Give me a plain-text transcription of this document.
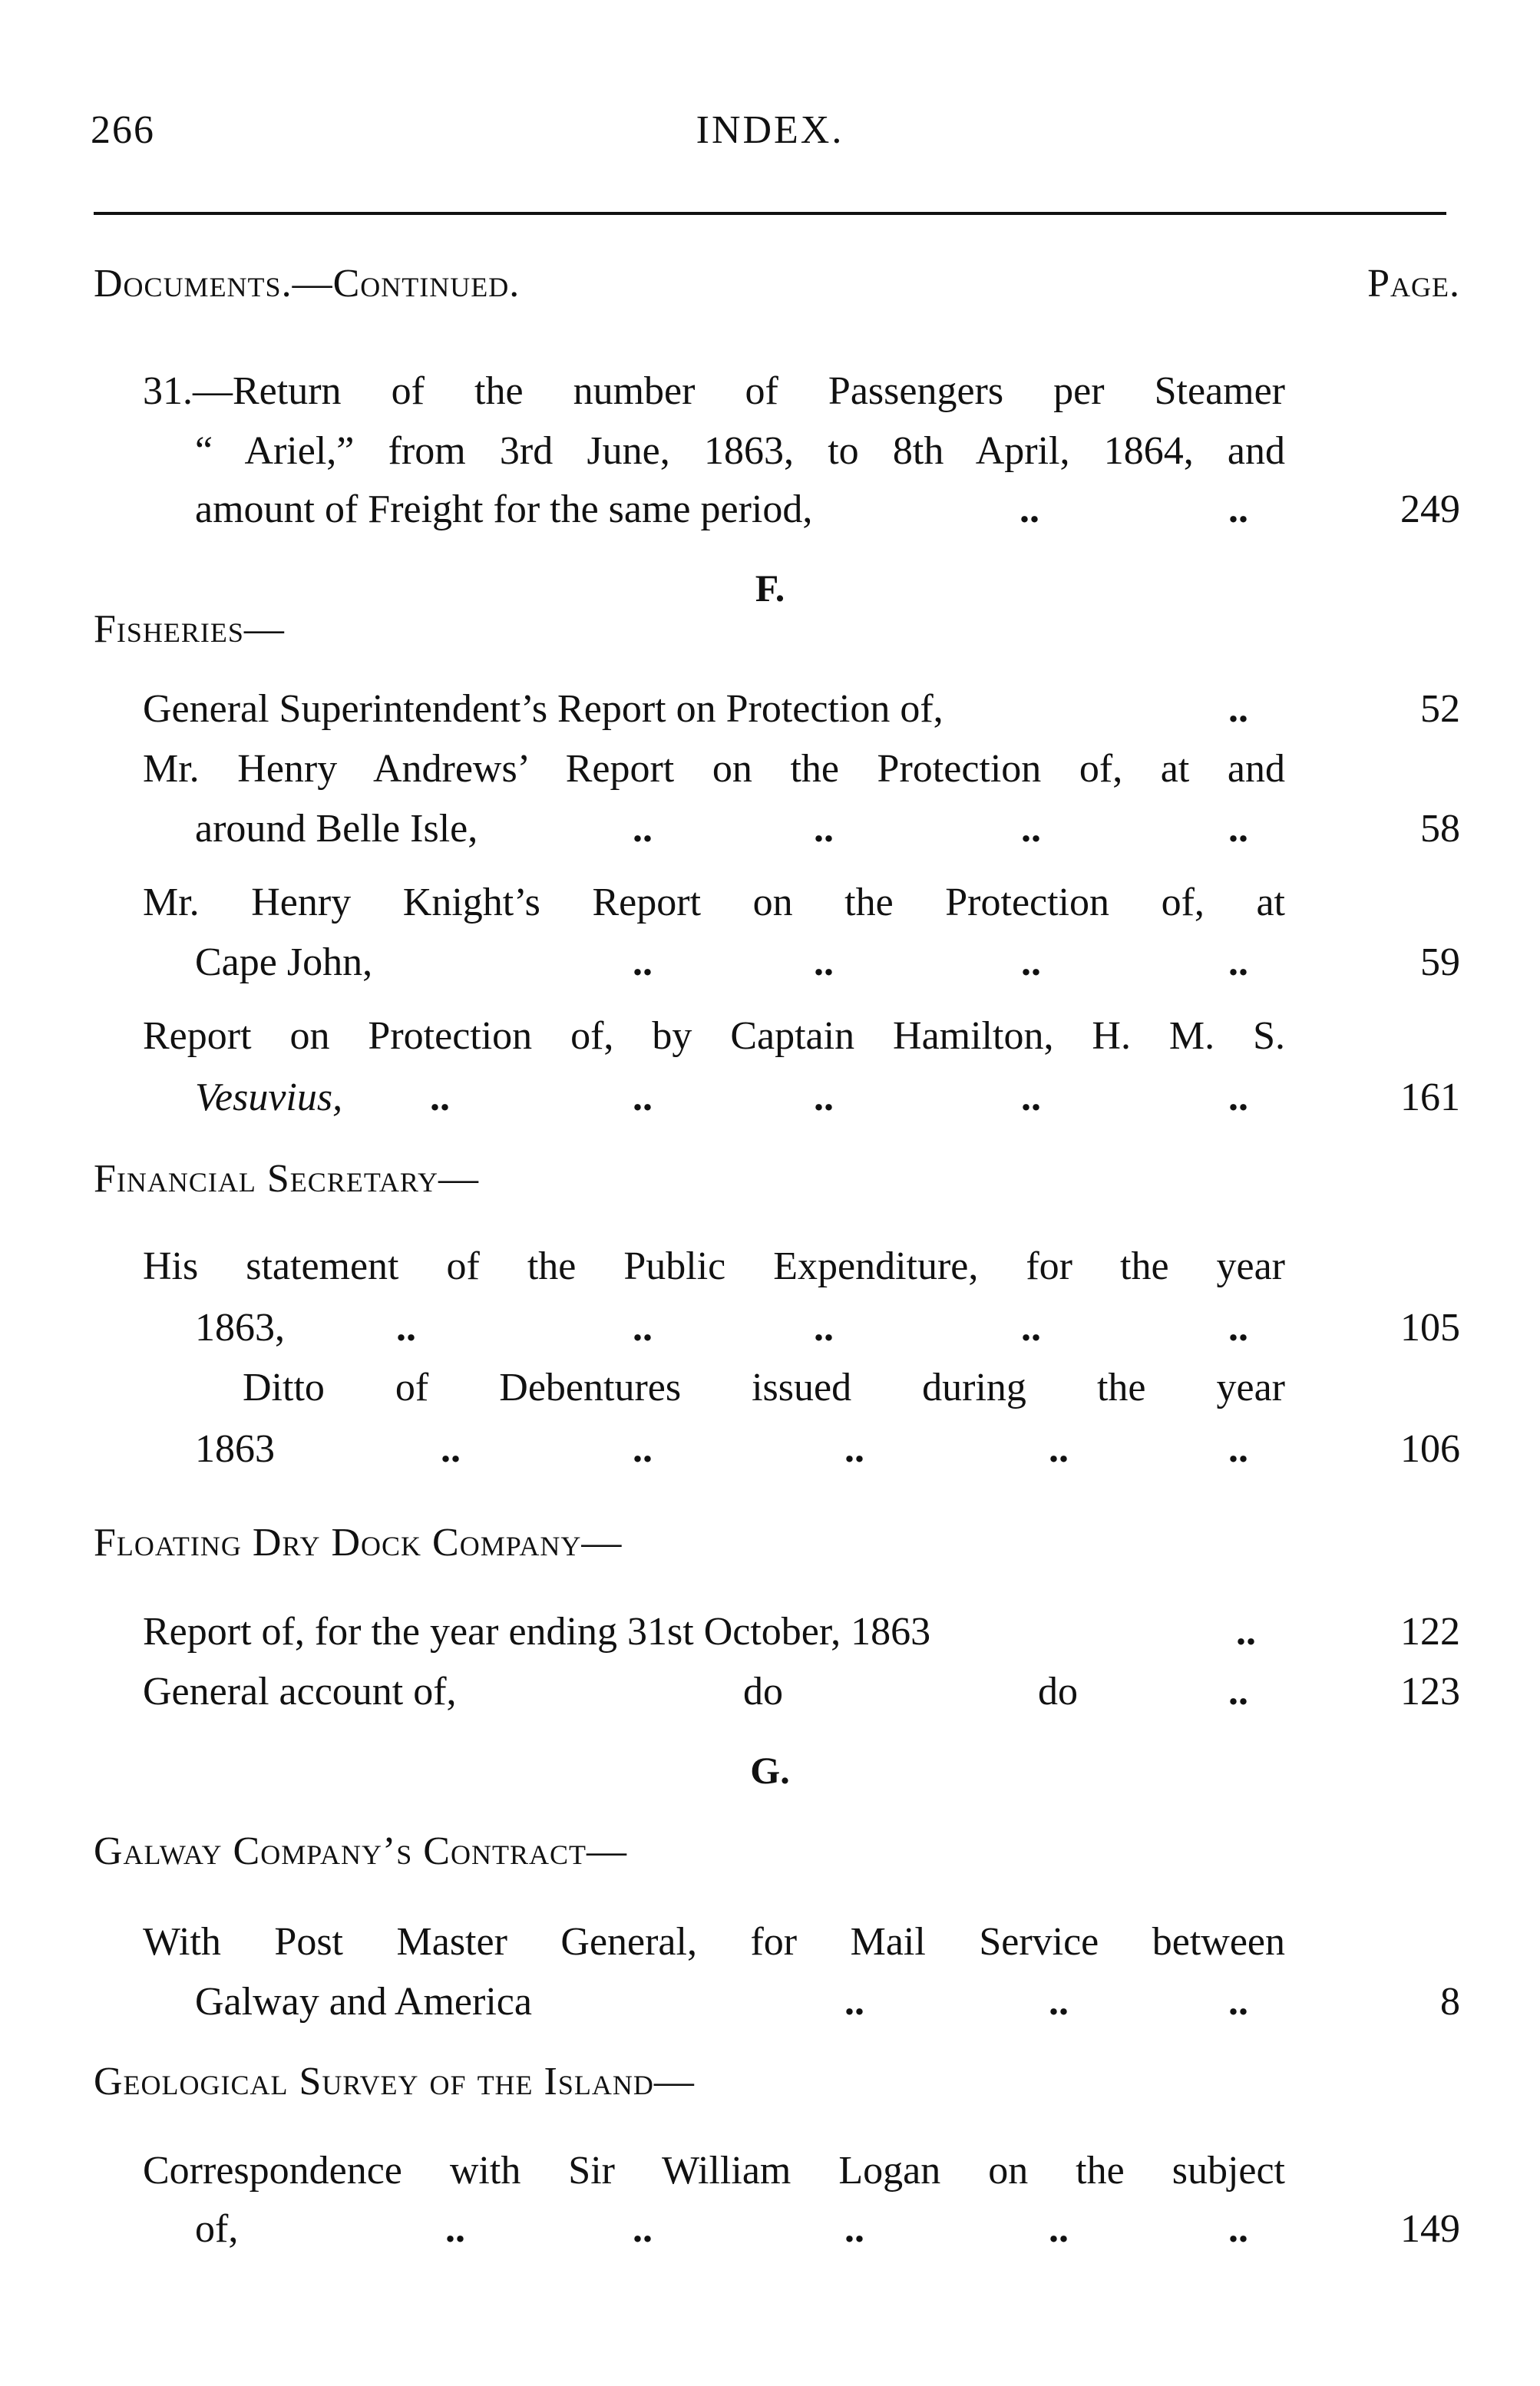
266	INDEX.
Documents.—Continued.	Page.
31.—Return of the number of Passengers per Steamer
“ Ariel,” from 3rd June, 1863, to 8th April, 1864, and
amount of Freight for the same period,	..	..	249
F.
Fisheries—
General Superintendent’s Report on Protection of,	..	52
Mr. Henry Andrews’ Report on the Protection of, at and
around Belle Isle,	..	..	..	..	58
Mr. Henry Knight’s Report on the Protection of, at
Cape John,	..	..	..	..	59
Report on Protection of, by Captain Hamilton, H. M. S.
Vesuvius, ..	..	..	..	..	161
Financial Secretary—
His statement of the Public Expenditure, for the year
1863,	..	..	..	..	..	105
Ditto of Debentures issued during the year
1863	..	..	..	..	..	106
Floating Dry Dock Company—
Report of, for the year ending 31st October, 1863	..	122
General account of,	do	do	..	123
G.
Galway Company’s Contract—
With Post Master General, for Mail Service between
Galway and America	..	..	..	8
Geological Survey of the Island—
Correspondence with Sir William Logan on the subject
of,	..	..	..	..	..	149
